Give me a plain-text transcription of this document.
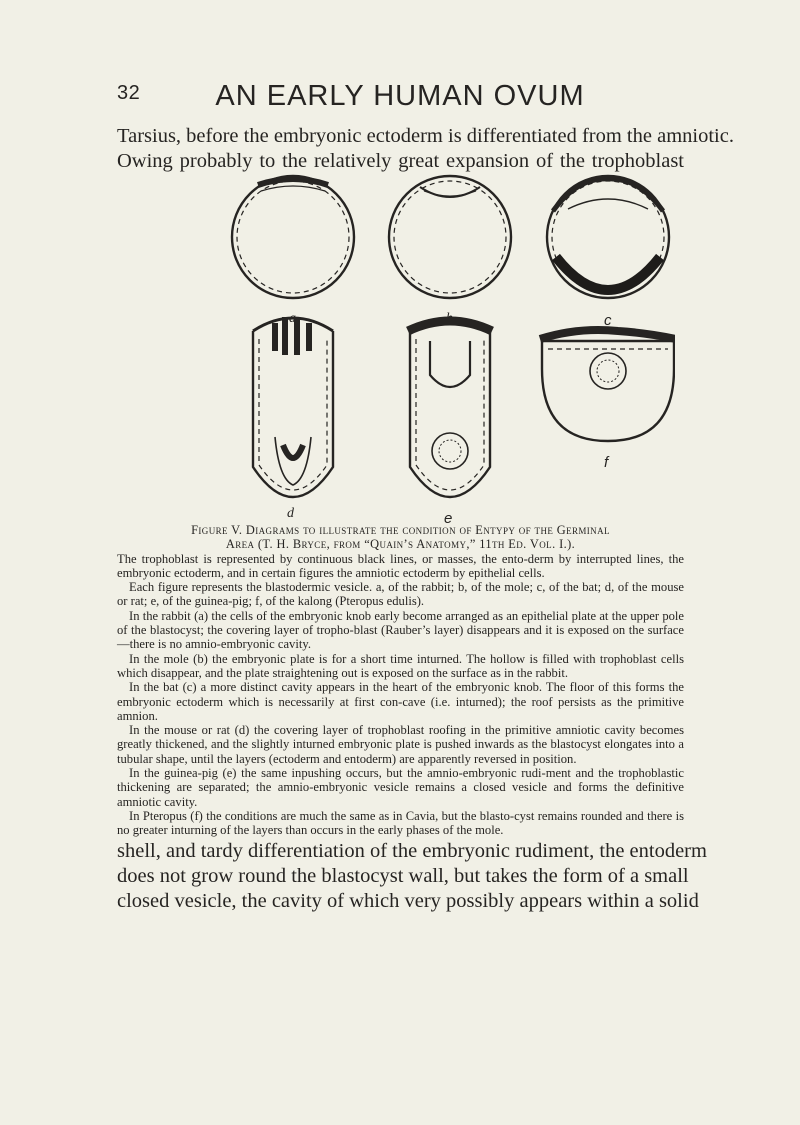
32	AN EARLY HUMAN OVUM
Tarsius, before the embryonic ectoderm is differentiated from the amniotic.
Owing probably to the relatively great expansion of the trophoblast
a	b	c
d	e
f
Figure V. Diagrams to illustrate the condition of Entypy of the Germinal
Area (T. H. Bryce, from “Quain’s Anatomy,” 11th Ed. Vol. I.).

The trophoblast is represented by continuous black lines, or masses, the ento-derm by interrupted lines, the embryonic ectoderm, and in certain figures the amniotic ectoderm by epithelial cells.

Each figure represents the blastodermic vesicle. a, of the rabbit; b, of the mole; c, of the bat; d, of the mouse or rat; e, of the guinea-pig; f, of the kalong (Pteropus edulis).

In the rabbit (a) the cells of the embryonic knob early become arranged as an epithelial plate at the upper pole of the blastocyst; the covering layer of tropho-blast (Rauber’s layer) disappears and it is exposed on the surface—there is no amnio-embryonic cavity.

In the mole (b) the embryonic plate is for a short time inturned. The hollow is filled with trophoblast cells which disappear, and the plate straightening out is exposed on the surface as in the rabbit.

In the bat (c) a more distinct cavity appears in the heart of the embryonic knob. The floor of this forms the embryonic ectoderm which is necessarily at first con-cave (i.e. inturned); the roof persists as the primitive amnion.

In the mouse or rat (d) the covering layer of trophoblast roofing in the primitive amniotic cavity becomes greatly thickened, and the slightly inturned embryonic plate is pushed inwards as the blastocyst elongates into a tubular shape, until the layers (ectoderm and entoderm) are apparently reversed in position.

In the guinea-pig (e) the same inpushing occurs, but the amnio-embryonic rudi-ment and the trophoblastic thickening are separated; the amnio-embryonic vesicle remains a closed vesicle and forms the definitive amniotic cavity.

In Pteropus (f) the conditions are much the same as in Cavia, but the blasto-cyst remains rounded and there is no greater inturning of the layers than occurs in the early phases of the mole.

shell, and tardy differentiation of the embryonic rudiment, the entoderm
does not grow round the blastocyst wall, but takes the form of a small
closed vesicle, the cavity of which very possibly appears within a solid
